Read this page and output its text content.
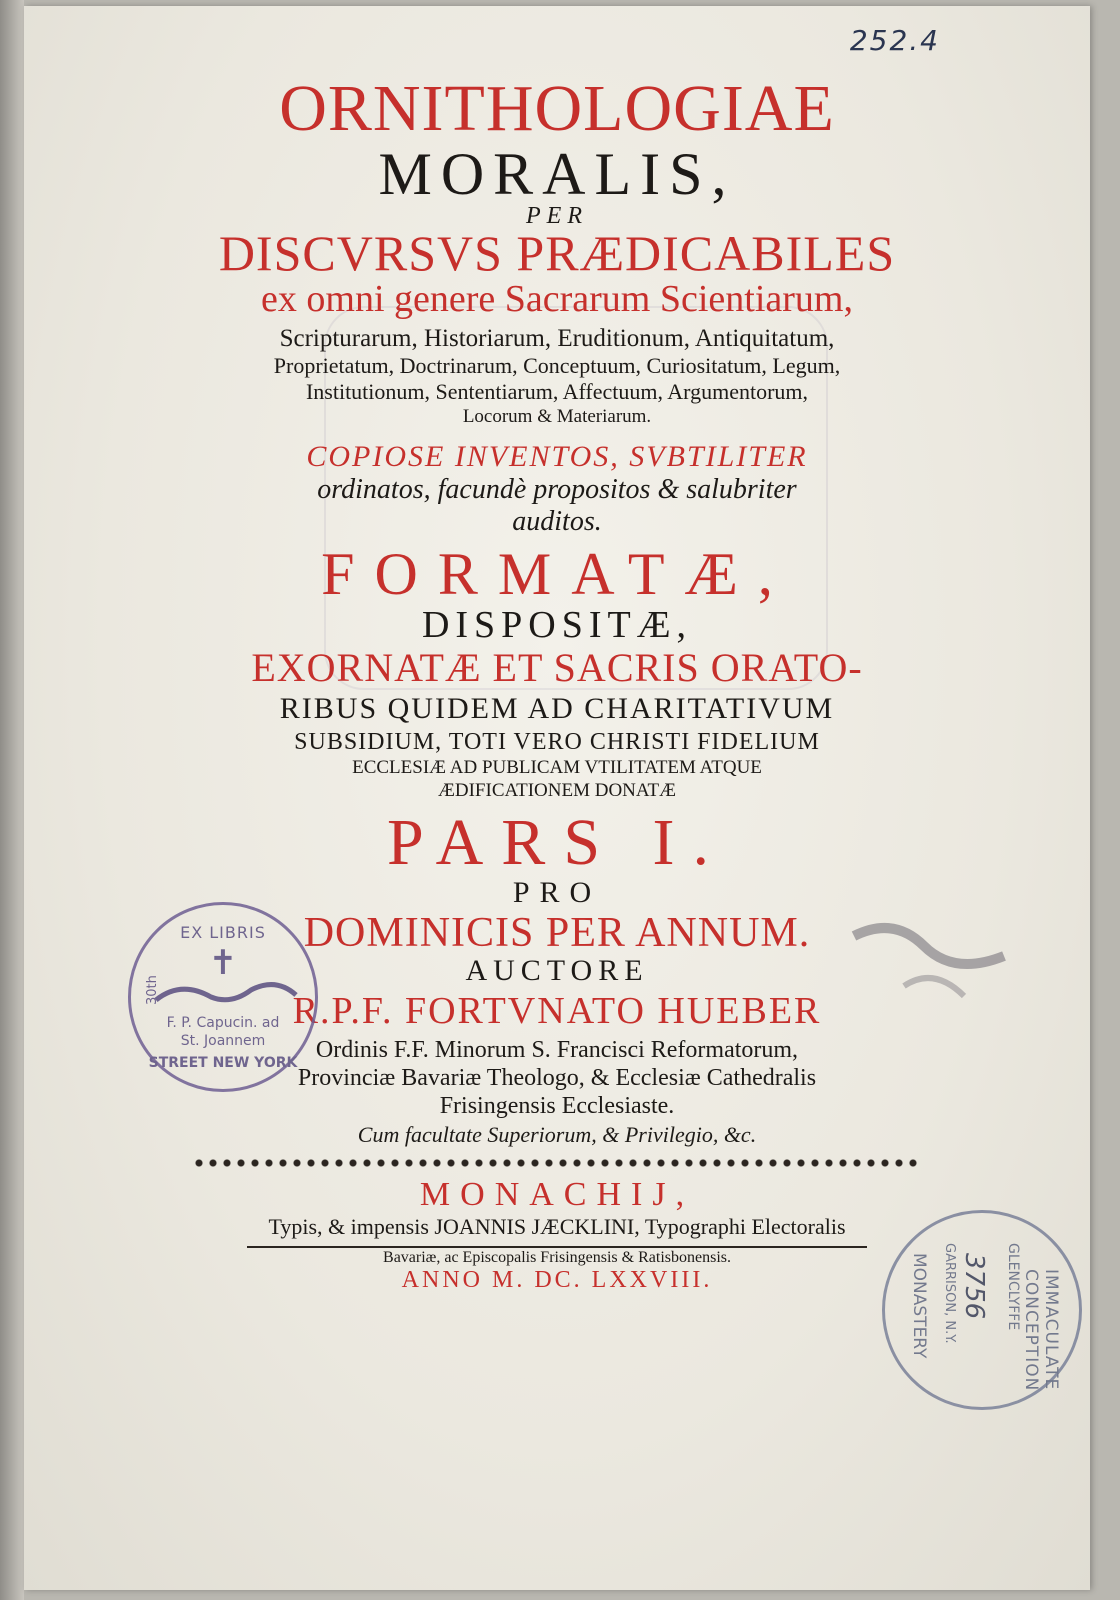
252.4
ORNITHOLOGIAE
MORALIS,
PER
DISCVRSVS PRÆDICABILES
ex omni genere Sacrarum Scientiarum,
Scripturarum, Historiarum, Eruditionum, Antiquitatum,
Proprietatum, Doctrinarum, Conceptuum, Curiositatum, Legum,
Institutionum, Sententiarum, Affectuum, Argumentorum,
Locorum & Materiarum.
COPIOSE INVENTOS, SVBTILITER
ordinatos, facundè propositos & salubriter
auditos.
FORMATÆ,
DISPOSITÆ,
EXORNATÆ ET SACRIS ORATO-
RIBUS QUIDEM AD CHARITATIVUM
SUBSIDIUM, TOTI VERO CHRISTI FIDELIUM
ECCLESIÆ AD PUBLICAM VTILITATEM ATQUE
ÆDIFICATIONEM DONATÆ
PARS I.
PRO
DOMINICIS PER ANNUM.
AUCTORE
R.P.F. FORTVNATO HUEBER
Ordinis F.F. Minorum S. Francisci Reformatorum,
Provinciæ Bavariæ Theologo, & Ecclesiæ Cathedralis
Frisingensis Ecclesiaste.
Cum facultate Superiorum, & Privilegio, &c.
MONACHIJ,
Typis, & impensis JOANNIS JÆCKLINI, Typographi Electoralis
Bavariæ, ac Episcopalis Frisingensis & Ratisbonensis.
ANNO M. DC. LXXVIII.
EX LIBRIS
✝
F. P. Capucin. ad
St. Joannem
30th
STREET NEW YORK
IMMACULATE CONCEPTION
GLENCLYFFE
3756
GARRISON, N.Y.
MONASTERY
